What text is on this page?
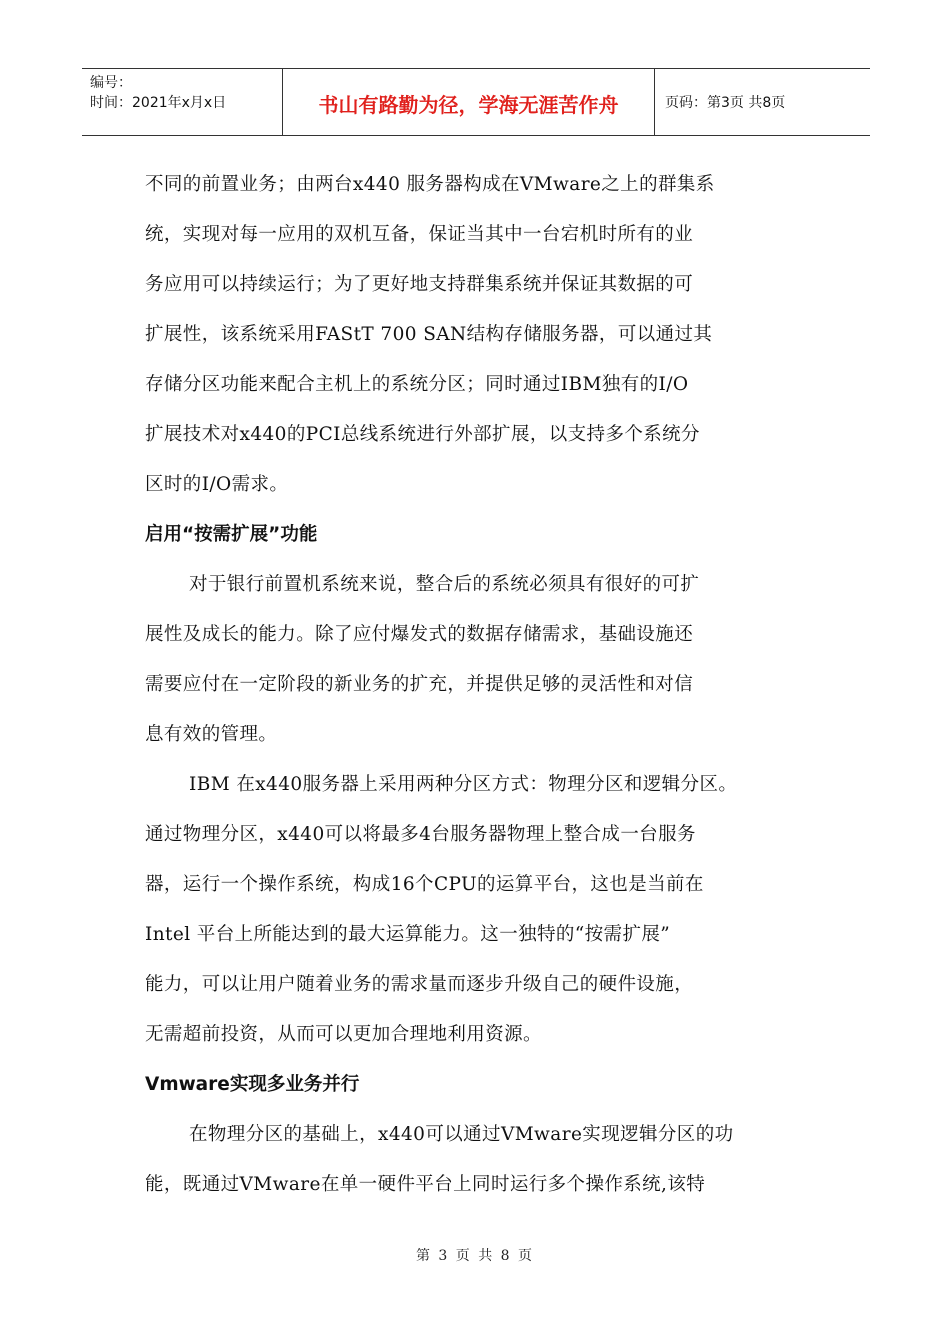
编号：
时间：2021年x月x日	书山有路勤为径，学海无涯苦作舟	页码：第3页 共8页

不同的前置业务；由两台x440 服务器构成在VMware之上的群集系
统，实现对每一应用的双机互备，保证当其中一台宕机时所有的业
务应用可以持续运行；为了更好地支持群集系统并保证其数据的可
扩展性，该系统采用FAStT 700 SAN结构存储服务器，可以通过其
存储分区功能来配合主机上的系统分区；同时通过IBM独有的I/O
扩展技术对x440的PCI总线系统进行外部扩展，以支持多个系统分
区时的I/O需求。

启用“按需扩展”功能

对于银行前置机系统来说，整合后的系统必须具有很好的可扩
展性及成长的能力。除了应付爆发式的数据存储需求，基础设施还
需要应付在一定阶段的新业务的扩充，并提供足够的灵活性和对信
息有效的管理。

IBM 在x440服务器上采用两种分区方式：物理分区和逻辑分区。
通过物理分区，x440可以将最多4台服务器物理上整合成一台服务
器，运行一个操作系统，构成16个CPU的运算平台，这也是当前在
Intel 平台上所能达到的最大运算能力。这一独特的“按需扩展”
能力，可以让用户随着业务的需求量而逐步升级自己的硬件设施，
无需超前投资，从而可以更加合理地利用资源。

Vmware实现多业务并行

在物理分区的基础上，x440可以通过VMware实现逻辑分区的功
能，既通过VMware在单一硬件平台上同时运行多个操作系统,该特

第 3 页 共 8 页
